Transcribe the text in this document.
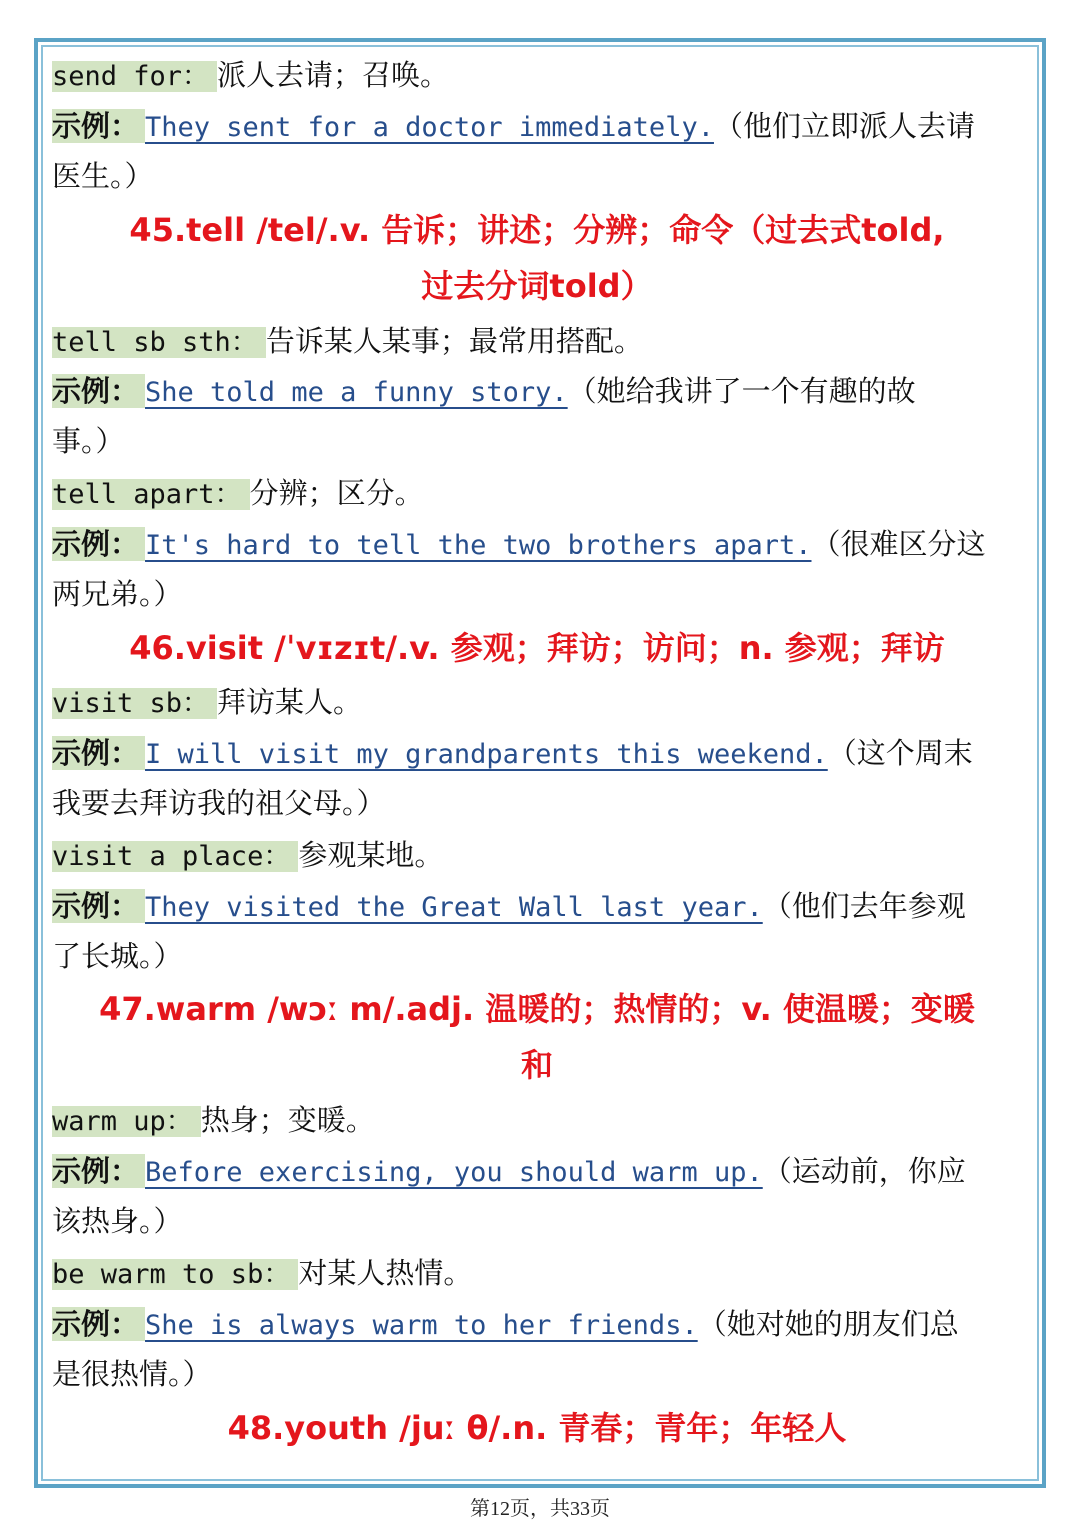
send for： 派人去请；召唤。
示例： They sent for a doctor immediately.（他们立即派人去请
医生。）
45.tell /tel/.v. 告诉；讲述；分辨；命令（过去式told,
过去分词told）
tell sb sth： 告诉某人某事；最常用搭配。
示例： She told me a funny story.（她给我讲了一个有趣的故
事。）
tell apart： 分辨；区分。
示例： It's hard to tell the two brothers apart.（很难区分这
两兄弟。）
46.visit /ˈvɪzɪt/.v. 参观；拜访；访问；n. 参观；拜访
visit sb： 拜访某人。
示例： I will visit my grandparents this weekend.（这个周末
我要去拜访我的祖父母。）
visit a place： 参观某地。
示例： They visited the Great Wall last year.（他们去年参观
了长城。）
47.warm /wɔː m/.adj. 温暖的；热情的；v. 使温暖；变暖
和
warm up： 热身；变暖。
示例： Before exercising, you should warm up.（运动前，你应
该热身。）
be warm to sb： 对某人热情。
示例： She is always warm to her friends.（她对她的朋友们总
是很热情。）
48.youth /juː θ/.n. 青春；青年；年轻人
第12页，共33页
